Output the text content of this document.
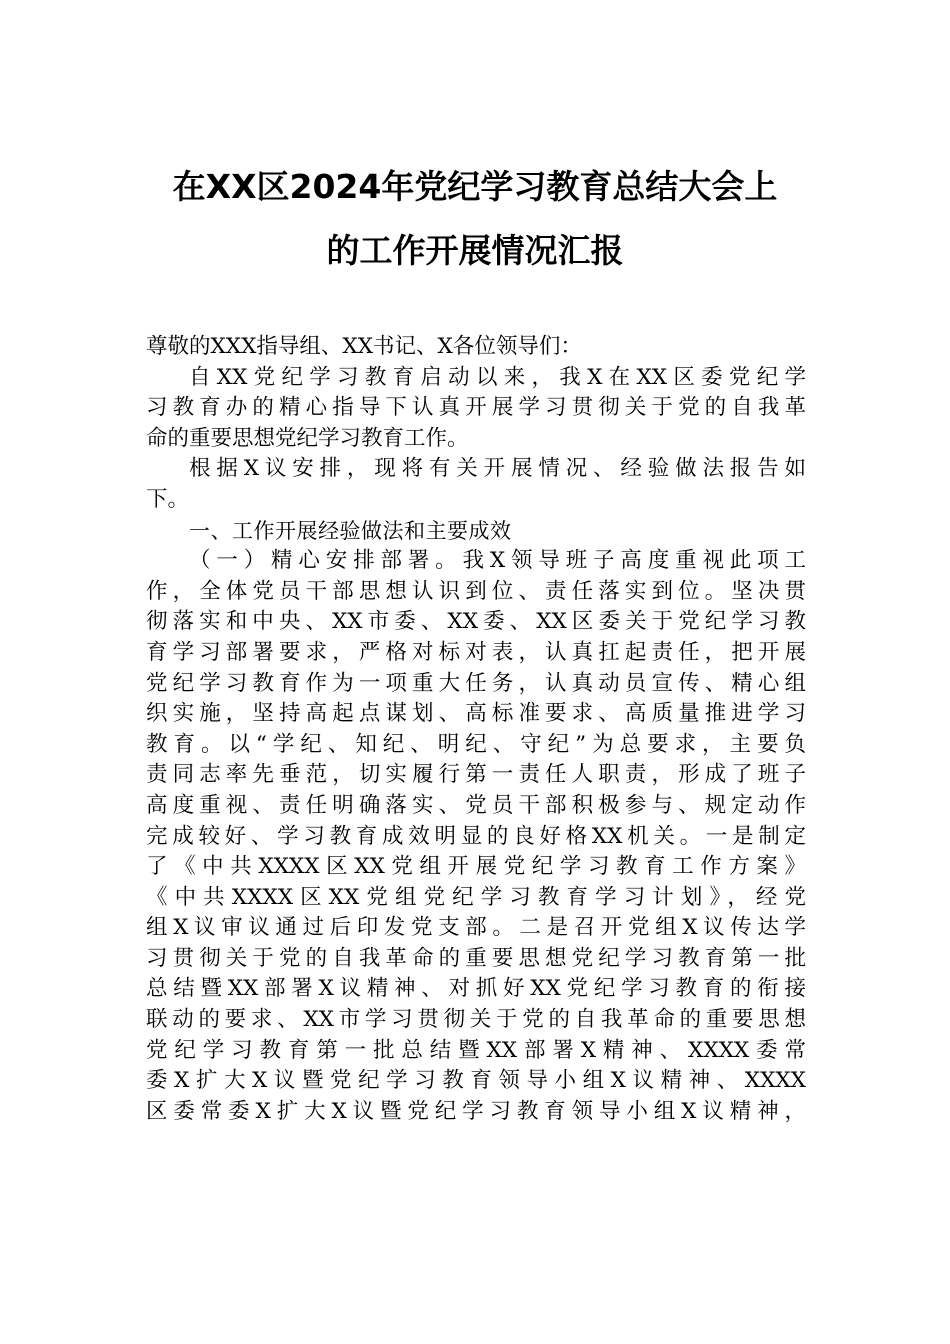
在XX区2024年党纪学习教育总结大会上
的工作开展情况汇报
尊敬的XXX指导组、XX书记、X各位领导们：
自XX党纪学习教育启动以来，我X在XX区委党纪学
习教育办的精心指导下认真开展学习贯彻关于党的自我革
命的重要思想党纪学习教育工作。
根据X议安排，现将有关开展情况、经验做法报告如
下。
一、工作开展经验做法和主要成效
（一）精心安排部署。我X领导班子高度重视此项工
作，全体党员干部思想认识到位、责任落实到位。坚决贯
彻落实和中央、XX市委、XX委、XX区委关于党纪学习教
育学习部署要求，严格对标对表，认真扛起责任，把开展
党纪学习教育作为一项重大任务，认真动员宣传、精心组
织实施，坚持高起点谋划、高标准要求、高质量推进学习
教育。以“学纪、知纪、明纪、守纪”为总要求，主要负
责同志率先垂范，切实履行第一责任人职责，形成了班子
高度重视、责任明确落实、党员干部积极参与、规定动作
完成较好、学习教育成效明显的良好格XX机关。一是制定
了《中共XXXX区XX党组开展党纪学习教育工作方案》
《中共XXXX区XX党组党纪学习教育学习计划》，经党
组X议审议通过后印发党支部。二是召开党组X议传达学
习贯彻关于党的自我革命的重要思想党纪学习教育第一批
总结暨XX部署X议精神、对抓好XX党纪学习教育的衔接
联动的要求、XX市学习贯彻关于党的自我革命的重要思想
党纪学习教育第一批总结暨XX部署X精神、XXXX委常
委X扩大X议暨党纪学习教育领导小组X议精神、XXXX
区委常委X扩大X议暨党纪学习教育领导小组X议精神，
